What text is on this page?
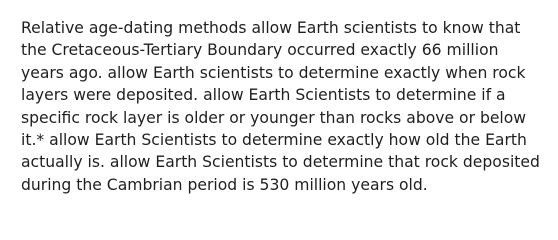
Relative age-dating methods allow Earth scientists to know that the Cretaceous-Tertiary Boundary occurred exactly 66 million years ago. allow Earth scientists to determine exactly when rock layers were deposited. allow Earth Scientists to determine if a specific rock layer is older or younger than rocks above or below it.* allow Earth Scientists to determine exactly how old the Earth actually is. allow Earth Scientists to determine that rock deposited during the Cambrian period is 530 million years old.
